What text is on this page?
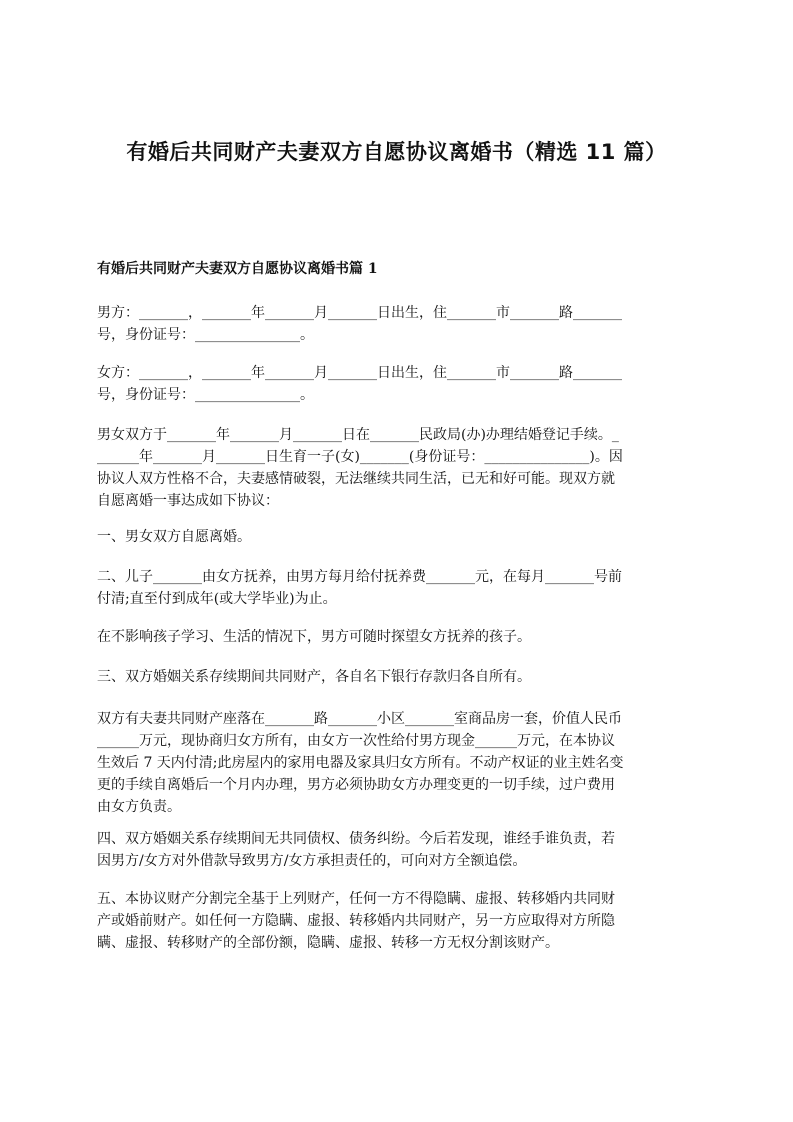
有婚后共同财产夫妻双方自愿协议离婚书（精选 11 篇）
有婚后共同财产夫妻双方自愿协议离婚书篇 1
男方：_______，_______年_______月_______日出生，住_______市_______路_______
号，身份证号：_______________。
女方：_______，_______年_______月_______日出生，住_______市_______路_______
号，身份证号：_______________。
男女双方于_______年_______月_______日在_______民政局(办)办理结婚登记手续。_
______年_______月_______日生育一子(女)_______(身份证号：_______________)。因
协议人双方性格不合，夫妻感情破裂，无法继续共同生活，已无和好可能。现双方就
自愿离婚一事达成如下协议：
一、男女双方自愿离婚。
二、儿子_______由女方抚养，由男方每月给付抚养费_______元，在每月_______号前
付清;直至付到成年(或大学毕业)为止。
在不影响孩子学习、生活的情况下，男方可随时探望女方抚养的孩子。
三、双方婚姻关系存续期间共同财产，各自名下银行存款归各自所有。
双方有夫妻共同财产座落在_______路_______小区_______室商品房一套，价值人民币
______万元，现协商归女方所有，由女方一次性给付男方现金______万元，在本协议
生效后 7 天内付清;此房屋内的家用电器及家具归女方所有。不动产权证的业主姓名变
更的手续自离婚后一个月内办理，男方必须协助女方办理变更的一切手续，过户费用
由女方负责。
四、双方婚姻关系存续期间无共同债权、债务纠纷。今后若发现，谁经手谁负责，若
因男方/女方对外借款导致男方/女方承担责任的，可向对方全额追偿。
五、本协议财产分割完全基于上列财产，任何一方不得隐瞒、虚报、转移婚内共同财
产或婚前财产。如任何一方隐瞒、虚报、转移婚内共同财产，另一方应取得对方所隐
瞒、虚报、转移财产的全部份额，隐瞒、虚报、转移一方无权分割该财产。
